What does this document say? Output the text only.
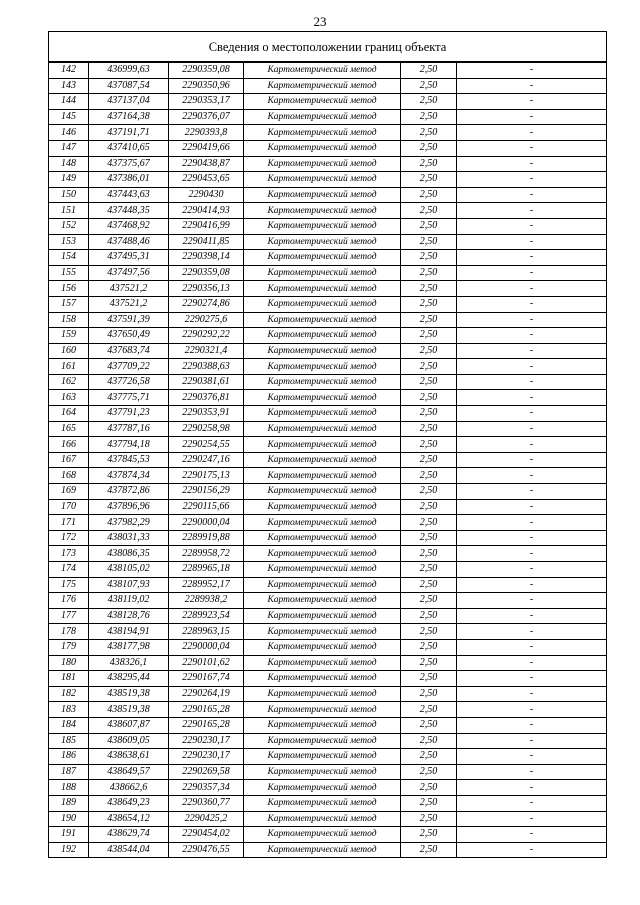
23
Сведения о местоположении границ объекта					
142	436999,63	2290359,08	Картометрический метод	2,50	-
143	437087,54	2290350,96	Картометрический метод	2,50	-
144	437137,04	2290353,17	Картометрический метод	2,50	-
145	437164,38	2290376,07	Картометрический метод	2,50	-
146	437191,71	2290393,8	Картометрический метод	2,50	-
147	437410,65	2290419,66	Картометрический метод	2,50	-
148	437375,67	2290438,87	Картометрический метод	2,50	-
149	437386,01	2290453,65	Картометрический метод	2,50	-
150	437443,63	2290430	Картометрический метод	2,50	-
151	437448,35	2290414,93	Картометрический метод	2,50	-
152	437468,92	2290416,99	Картометрический метод	2,50	-
153	437488,46	2290411,85	Картометрический метод	2,50	-
154	437495,31	2290398,14	Картометрический метод	2,50	-
155	437497,56	2290359,08	Картометрический метод	2,50	-
156	437521,2	2290356,13	Картометрический метод	2,50	-
157	437521,2	2290274,86	Картометрический метод	2,50	-
158	437591,39	2290275,6	Картометрический метод	2,50	-
159	437650,49	2290292,22	Картометрический метод	2,50	-
160	437683,74	2290321,4	Картометрический метод	2,50	-
161	437709,22	2290388,63	Картометрический метод	2,50	-
162	437726,58	2290381,61	Картометрический метод	2,50	-
163	437775,71	2290376,81	Картометрический метод	2,50	-
164	437791,23	2290353,91	Картометрический метод	2,50	-
165	437787,16	2290258,98	Картометрический метод	2,50	-
166	437794,18	2290254,55	Картометрический метод	2,50	-
167	437845,53	2290247,16	Картометрический метод	2,50	-
168	437874,34	2290175,13	Картометрический метод	2,50	-
169	437872,86	2290156,29	Картометрический метод	2,50	-
170	437896,96	2290115,66	Картометрический метод	2,50	-
171	437982,29	2290000,04	Картометрический метод	2,50	-
172	438031,33	2289919,88	Картометрический метод	2,50	-
173	438086,35	2289958,72	Картометрический метод	2,50	-
174	438105,02	2289965,18	Картометрический метод	2,50	-
175	438107,93	2289952,17	Картометрический метод	2,50	-
176	438119,02	2289938,2	Картометрический метод	2,50	-
177	438128,76	2289923,54	Картометрический метод	2,50	-
178	438194,91	2289963,15	Картометрический метод	2,50	-
179	438177,98	2290000,04	Картометрический метод	2,50	-
180	438326,1	2290101,62	Картометрический метод	2,50	-
181	438295,44	2290167,74	Картометрический метод	2,50	-
182	438519,38	2290264,19	Картометрический метод	2,50	-
183	438519,38	2290165,28	Картометрический метод	2,50	-
184	438607,87	2290165,28	Картометрический метод	2,50	-
185	438609,05	2290230,17	Картометрический метод	2,50	-
186	438638,61	2290230,17	Картометрический метод	2,50	-
187	438649,57	2290269,58	Картометрический метод	2,50	-
188	438662,6	2290357,34	Картометрический метод	2,50	-
189	438649,23	2290360,77	Картометрический метод	2,50	-
190	438654,12	2290425,2	Картометрический метод	2,50	-
191	438629,74	2290454,02	Картометрический метод	2,50	-
192	438544,04	2290476,55	Картометрический метод	2,50	-
